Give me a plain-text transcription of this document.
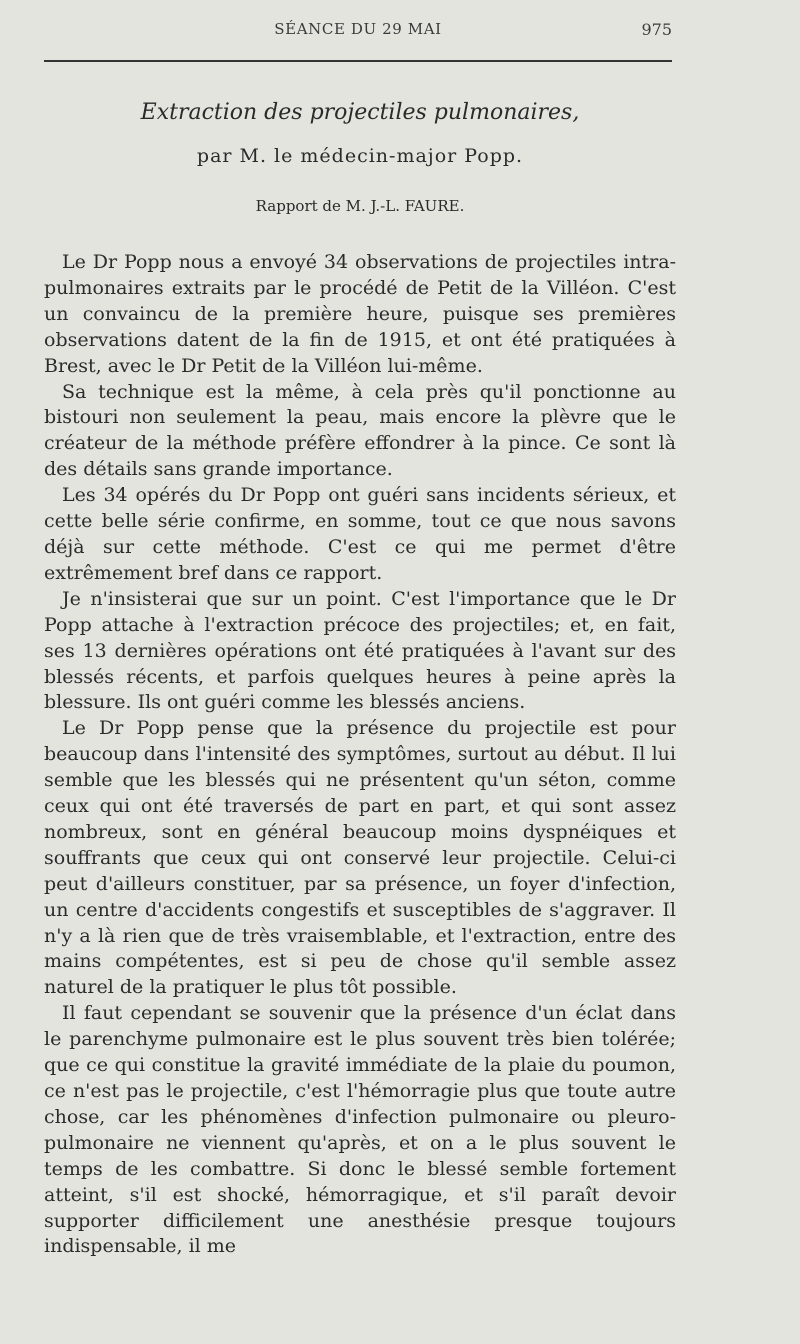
SÉANCE DU 29 MAI	975
Extraction des projectiles pulmonaires,
par M. le médecin-major Popp.
Rapport de M. J.-L. FAURE.

Le Dr Popp nous a envoyé 34 observations de projectiles intra-pulmonaires extraits par le procédé de Petit de la Villéon. C'est un convaincu de la première heure, puisque ses premières observations datent de la fin de 1915, et ont été pratiquées à Brest, avec le Dr Petit de la Villéon lui-même.

Sa technique est la même, à cela près qu'il ponctionne au bistouri non seulement la peau, mais encore la plèvre que le créateur de la méthode préfère effondrer à la pince. Ce sont là des détails sans grande importance.

Les 34 opérés du Dr Popp ont guéri sans incidents sérieux, et cette belle série confirme, en somme, tout ce que nous savons déjà sur cette méthode. C'est ce qui me permet d'être extrêmement bref dans ce rapport.

Je n'insisterai que sur un point. C'est l'importance que le Dr Popp attache à l'extraction précoce des projectiles; et, en fait, ses 13 dernières opérations ont été pratiquées à l'avant sur des blessés récents, et parfois quelques heures à peine après la blessure. Ils ont guéri comme les blessés anciens.

Le Dr Popp pense que la présence du projectile est pour beaucoup dans l'intensité des symptômes, surtout au début. Il lui semble que les blessés qui ne présentent qu'un séton, comme ceux qui ont été traversés de part en part, et qui sont assez nombreux, sont en général beaucoup moins dyspnéiques et souffrants que ceux qui ont conservé leur projectile. Celui-ci peut d'ailleurs constituer, par sa présence, un foyer d'infection, un centre d'accidents congestifs et susceptibles de s'aggraver. Il n'y a là rien que de très vraisemblable, et l'extraction, entre des mains compétentes, est si peu de chose qu'il semble assez naturel de la pratiquer le plus tôt possible.

Il faut cependant se souvenir que la présence d'un éclat dans le parenchyme pulmonaire est le plus souvent très bien tolérée; que ce qui constitue la gravité immédiate de la plaie du poumon, ce n'est pas le projectile, c'est l'hémorragie plus que toute autre chose, car les phénomènes d'infection pulmonaire ou pleuro-pulmonaire ne viennent qu'après, et on a le plus souvent le temps de les combattre. Si donc le blessé semble fortement atteint, s'il est shocké, hémorragique, et s'il paraît devoir supporter difficilement une anesthésie presque toujours indispensable, il me
